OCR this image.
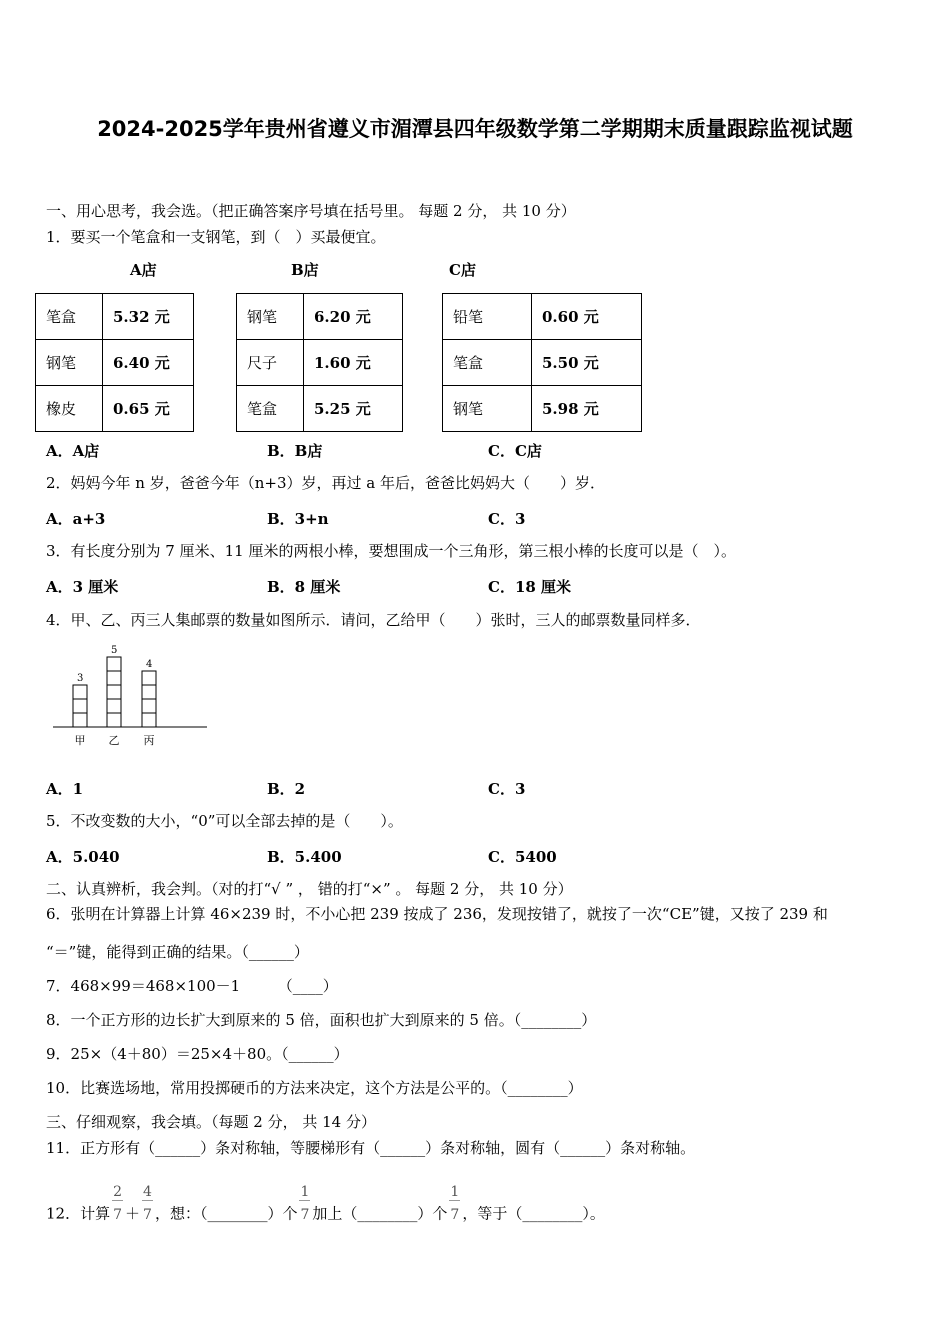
2024-2025学年贵州省遵义市湄潭县四年级数学第二学期期末质量跟踪监视试题
一、用心思考，我会选。（把正确答案序号填在括号里。 每题 2 分， 共 10 分）
1．要买一个笔盒和一支钢笔，到（　）买最便宜。
A店	B店	C店
笔盒	5.32 元
钢笔	6.40 元
橡皮	0.65 元
钢笔	6.20 元
尺子	1.60 元
笔盒	5.25 元
铅笔	0.60 元
笔盒	5.50 元
钢笔	5.98 元
A．A店	B．B店	C．C店
2．妈妈今年 n 岁，爸爸今年（n+3）岁，再过 a 年后，爸爸比妈妈大（　　）岁．
A．a+3	B．3+n	C．3
3．有长度分别为 7 厘米、11 厘米的两根小棒，要想围成一个三角形，第三根小棒的长度可以是（　）。
A．3 厘米	B．8 厘米	C．18 厘米
4．甲、乙、丙三人集邮票的数量如图所示．请问，乙给甲（　　）张时，三人的邮票数量同样多．
3
甲
5
乙
4
丙
A．1	B．2	C．3
5．不改变数的大小，“0”可以全部去掉的是（　　）。
A．5.040	B．5.400	C．5400
二、认真辨析，我会判。（对的打“√ ” ， 错的打“×” 。 每题 2 分， 共 10 分）
6．张明在计算器上计算 46×239 时，不小心把 239 按成了 236，发现按错了，就按了一次“CE”键，又按了 239 和
“＝”键，能得到正确的结果。（______）
7．468×99＝468×100－1　　　（____）
8．一个正方形的边长扩大到原来的 5 倍，面积也扩大到原来的 5 倍。（________）
9．25×（4＋80）＝25×4＋80。（______）
10．比赛选场地，常用投掷硬币的方法来决定，这个方法是公平的。（________）
三、仔细观察，我会填。（每题 2 分， 共 14 分）
11．正方形有（______）条对称轴，等腰梯形有（______）条对称轴，圆有（______）条对称轴。
12．计算 $\frac{2}{7} + \frac{4}{7}$ ，想：（________）个 $\frac{1}{7}$ 加上（________）个 $\frac{1}{7}$ ，等于（________）。
